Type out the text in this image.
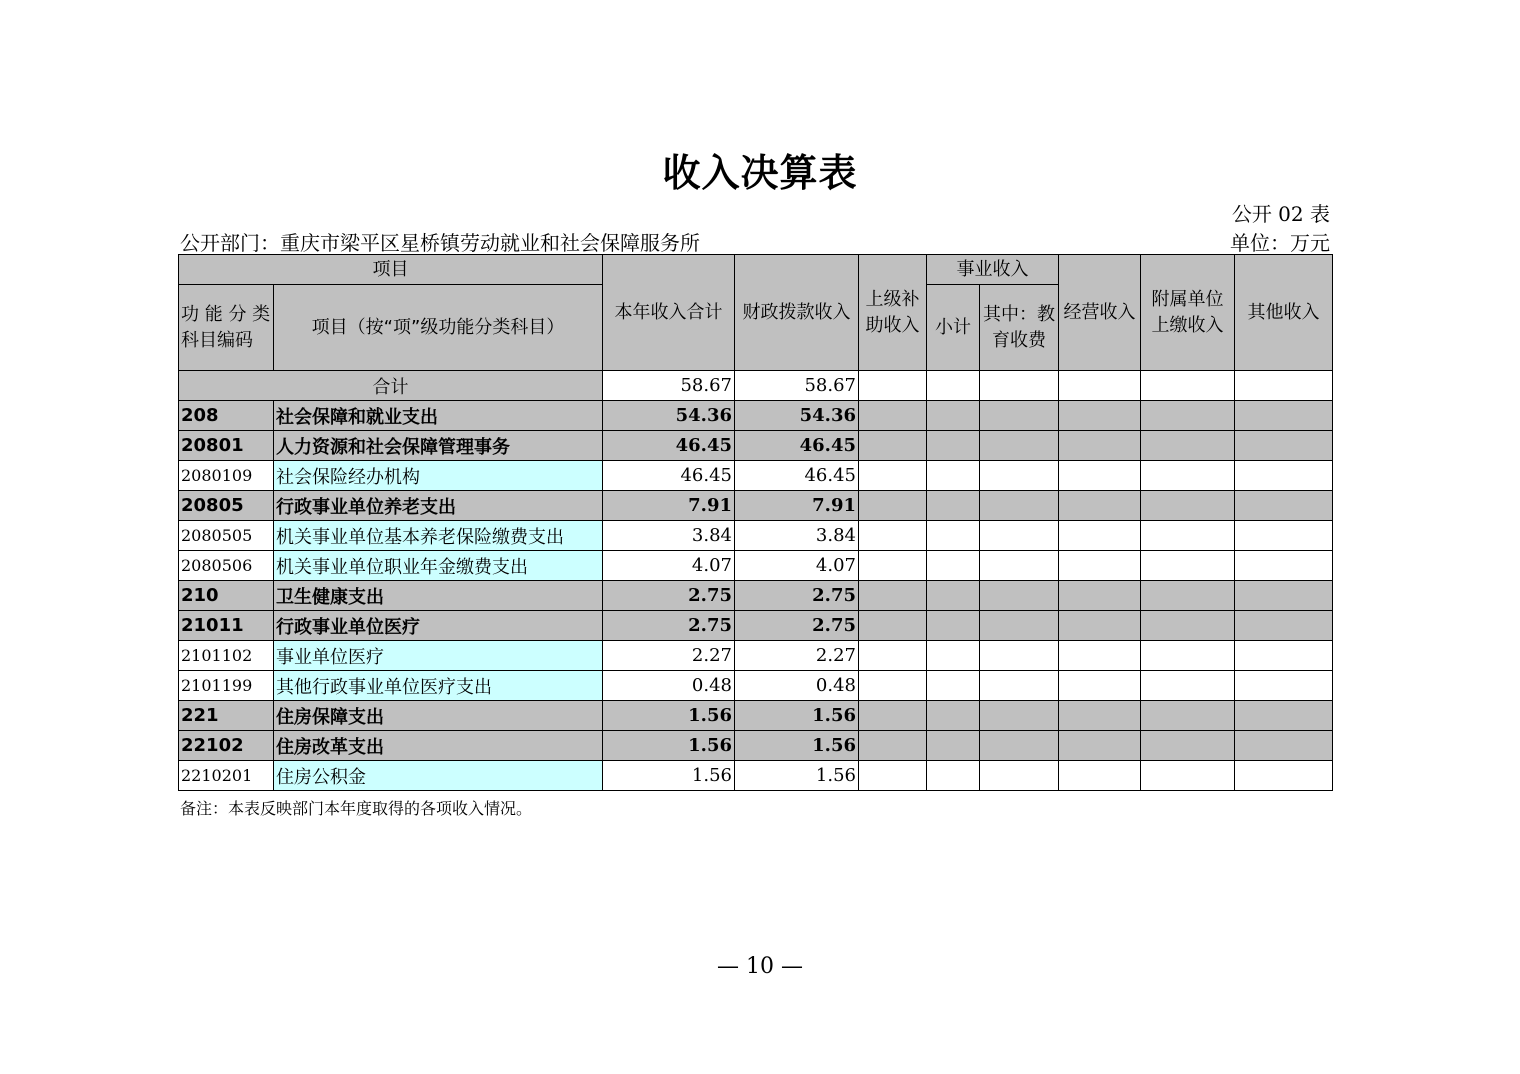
收入决算表
公开 02 表
公开部门：重庆市梁平区星桥镇劳动就业和社会保障服务所	单位：万元
项目		本年收入合计	财政拨款收入	上级补助收入	事业收入		经营收入	附属单位上缴收入	其他收入
功 能 分 类 科目编码	项目（按“项”级功能分类科目）				小计	其中：教育收费			

合计		58.67	58.67						
208	社会保障和就业支出	54.36	54.36						
20801	人力资源和社会保障管理事务	46.45	46.45						
2080109	社会保险经办机构	46.45	46.45						
20805	行政事业单位养老支出	7.91	7.91						
2080505	机关事业单位基本养老保险缴费支出	3.84	3.84						
2080506	机关事业单位职业年金缴费支出	4.07	4.07						
210	卫生健康支出	2.75	2.75						
21011	行政事业单位医疗	2.75	2.75						
2101102	事业单位医疗	2.27	2.27						
2101199	其他行政事业单位医疗支出	0.48	0.48						
221	住房保障支出	1.56	1.56						
22102	住房改革支出	1.56	1.56						
2210201	住房公积金	1.56	1.56						
备注：本表反映部门本年度取得的各项收入情况。
— 10 —
